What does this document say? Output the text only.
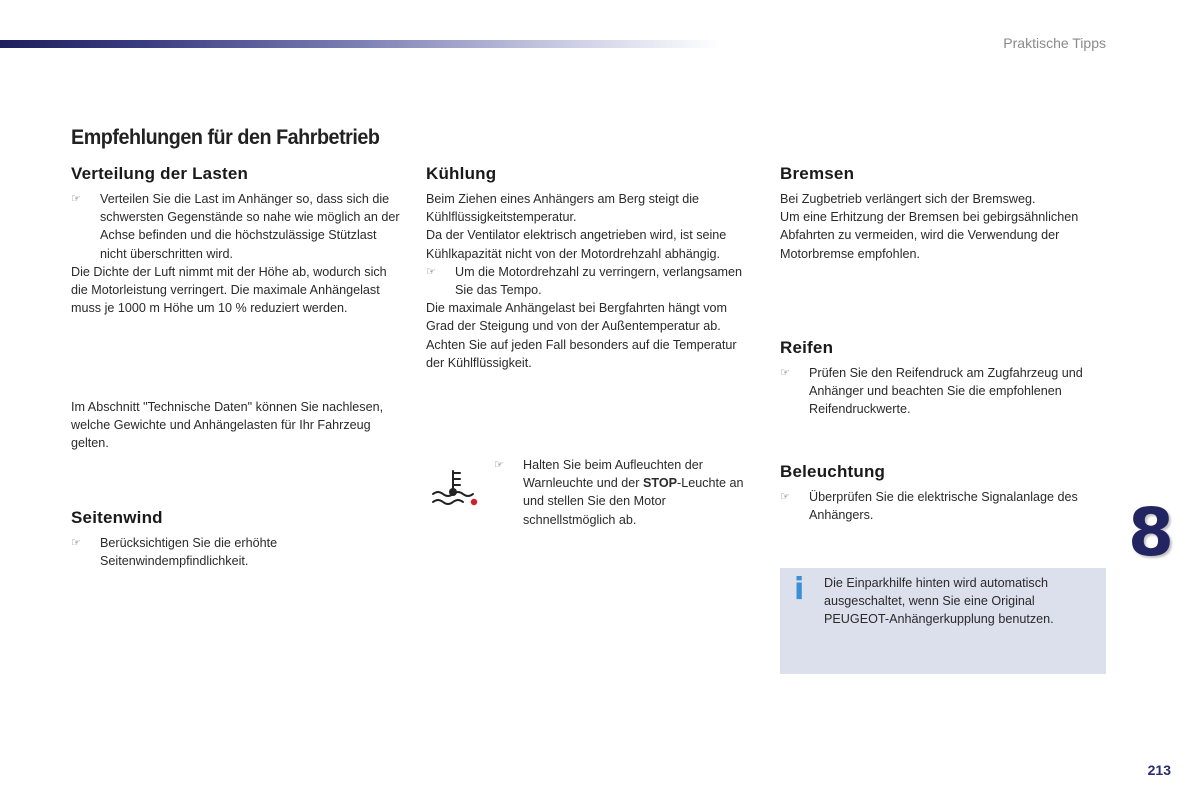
Praktische Tipps
Empfehlungen für den Fahrbetrieb
Verteilung der Lasten
☞ Verteilen Sie die Last im Anhänger so, dass sich die schwersten Gegenstände so nahe wie möglich an der Achse befinden und die höchstzulässige Stützlast nicht überschritten wird.

Die Dichte der Luft nimmt mit der Höhe ab, wodurch sich die Motorleistung verringert. Die maximale Anhängelast muss je 1000 m Höhe um 10 % reduziert werden.

Im Abschnitt "Technische Daten" können Sie nachlesen, welche Gewichte und Anhängelasten für Ihr Fahrzeug gelten.

Seitenwind
☞ Berücksichtigen Sie die erhöhte Seitenwindempfindlichkeit.
Kühlung

Beim Ziehen eines Anhängers am Berg steigt die Kühlflüssigkeitstemperatur.

Da der Ventilator elektrisch angetrieben wird, ist seine Kühlkapazität nicht von der Motordrehzahl abhängig.

☞ Um die Motordrehzahl zu verringern, verlangsamen Sie das Tempo.

Die maximale Anhängelast bei Bergfahrten hängt vom Grad der Steigung und von der Außentemperatur ab.

Achten Sie auf jeden Fall besonders auf die Temperatur der Kühlflüssigkeit.

☞ Halten Sie beim Aufleuchten der Warnleuchte und der STOP-Leuchte an und stellen Sie den Motor schnellstmöglich ab.
Bremsen

Bei Zugbetrieb verlängert sich der Bremsweg.

Um eine Erhitzung der Bremsen bei gebirgsähnlichen Abfahrten zu vermeiden, wird die Verwendung der Motorbremse empfohlen.

Reifen
☞ Prüfen Sie den Reifendruck am Zugfahrzeug und Anhänger und beachten Sie die empfohlenen Reifendruckwerte.
Beleuchtung
☞ Überprüfen Sie die elektrische Signalanlage des Anhängers.
i Die Einparkhilfe hinten wird automatisch ausgeschaltet, wenn Sie eine Original PEUGEOT-Anhängerkupplung benutzen.
8
213
